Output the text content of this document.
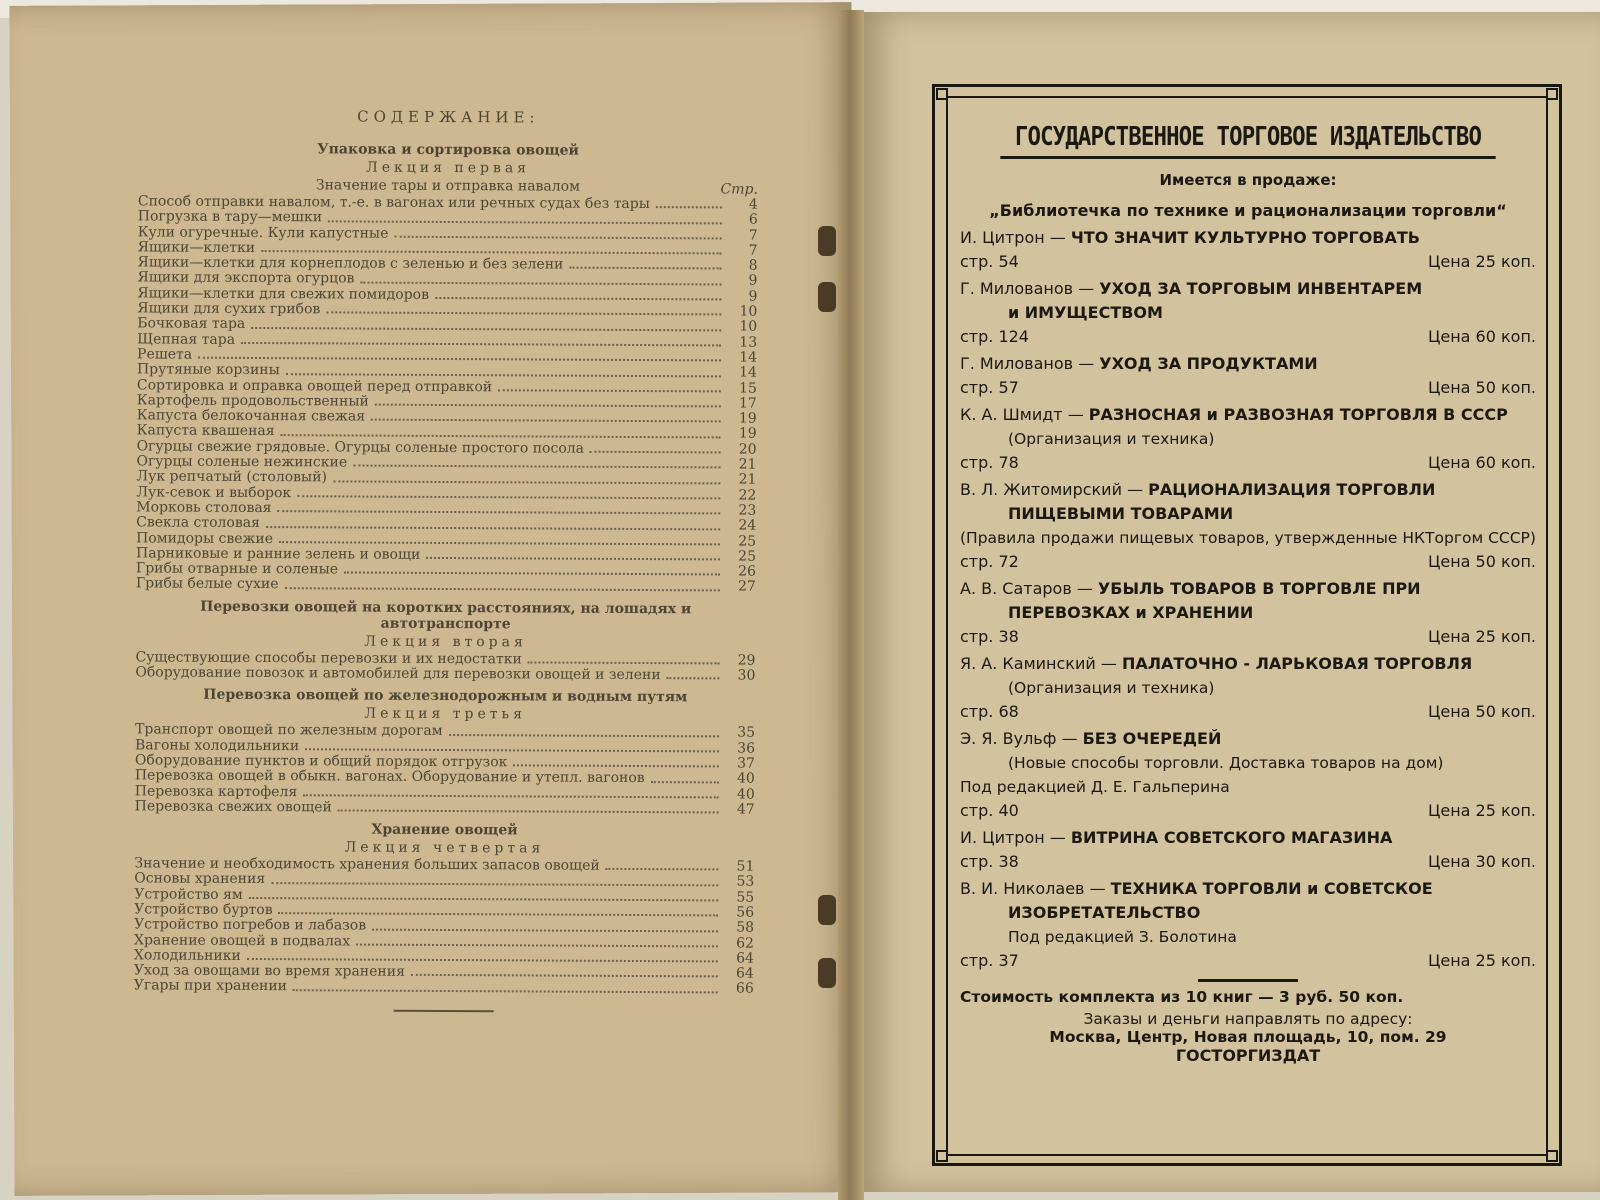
СОДЕРЖАНИЕ:
Упаковка и сортировка овощей
Лекция первая
Значение тары и отправка навалом	Стр.
Способ отправки навалом, т.-е. в вагонах или речных судах без тары	4
Погрузка в тару—мешки	6
Кули огуречные. Кули капустные	7
Ящики—клетки	7
Ящики—клетки для корнеплодов с зеленью и без зелени	8
Ящики для экспорта огурцов	9
Ящики—клетки для свежих помидоров	9
Ящики для сухих грибов	10
Бочковая тара	10
Щепная тара	13
Решета	14
Прутяные корзины	14
Сортировка и оправка овощей перед отправкой	15
Картофель продовольственный	17
Капуста белокочанная свежая	19
Капуста квашеная	19
Огурцы свежие грядовые. Огурцы соленые простого посола	20
Огурцы соленые нежинские	21
Лук репчатый (столовый)	21
Лук-севок и выборок	22
Морковь столовая	23
Свекла столовая	24
Помидоры свежие	25
Парниковые и ранние зелень и овощи	25
Грибы отварные и соленые	26
Грибы белые сухие	27
Перевозки овощей на коротких расстояниях, на лошадях и автотранспорте
Лекция вторая
Существующие способы перевозки и их недостатки	29
Оборудование повозок и автомобилей для перевозки овощей и зелени	30
Перевозка овощей по железнодорожным и водным путям
Лекция третья
Транспорт овощей по железным дорогам	35
Вагоны холодильники	36
Оборудование пунктов и общий порядок отгрузок	37
Перевозка овощей в обыкн. вагонах. Оборудование и утепл. вагонов	40
Перевозка картофеля	40
Перевозка свежих овощей	47
Хранение овощей
Лекция четвертая
Значение и необходимость хранения больших запасов овощей	51
Основы хранения	53
Устройство ям	55
Устройство буртов	56
Устройство погребов и лабазов	58
Хранение овощей в подвалах	62
Холодильники	64
Уход за овощами во время хранения	64
Угары при хранении	66
ГОСУДАРСТВЕННОЕ ТОРГОВОЕ ИЗДАТЕЛЬСТВО
Имеется в продаже:
„Библиотечка по технике и рационализации торговли“
И. Цитрон — ЧТО ЗНАЧИТ КУЛЬТУРНО ТОРГОВАТЬ
стр. 54	Цена 25 коп.
Г. Милованов — УХОД ЗА ТОРГОВЫМ ИНВЕНТАРЕМ
и ИМУЩЕСТВОМ
стр. 124	Цена 60 коп.
Г. Милованов — УХОД ЗА ПРОДУКТАМИ
стр. 57	Цена 50 коп.
К. А. Шмидт — РАЗНОСНАЯ и РАЗВОЗНАЯ ТОРГОВЛЯ В СССР
(Организация и техника)
стр. 78	Цена 60 коп.
В. Л. Житомирский — РАЦИОНАЛИЗАЦИЯ ТОРГОВЛИ
ПИЩЕВЫМИ ТОВАРАМИ
(Правила продажи пищевых товаров, утвержденные НКТоргом СССР)
стр. 72	Цена 50 коп.
А. В. Сатаров — УБЫЛЬ ТОВАРОВ В ТОРГОВЛЕ ПРИ
ПЕРЕВОЗКАХ и ХРАНЕНИИ
стр. 38	Цена 25 коп.
Я. А. Каминский — ПАЛАТОЧНО - ЛАРЬКОВАЯ ТОРГОВЛЯ
(Организация и техника)
стр. 68	Цена 50 коп.
Э. Я. Вульф — БЕЗ ОЧЕРЕДЕЙ
(Новые способы торговли. Доставка товаров на дом)
Под редакцией Д. Е. Гальперина
стр. 40	Цена 25 коп.
И. Цитрон — ВИТРИНА СОВЕТСКОГО МАГАЗИНА
стр. 38	Цена 30 коп.
В. И. Николаев — ТЕХНИКА ТОРГОВЛИ и СОВЕТСКОЕ
ИЗОБРЕТАТЕЛЬСТВО
Под редакцией З. Болотина
стр. 37	Цена 25 коп.
Стоимость комплекта из 10 книг — 3 руб. 50 коп.
Заказы и деньги направлять по адресу:
Москва, Центр, Новая площадь, 10, пом. 29
ГОСТОРГИЗДАТ
